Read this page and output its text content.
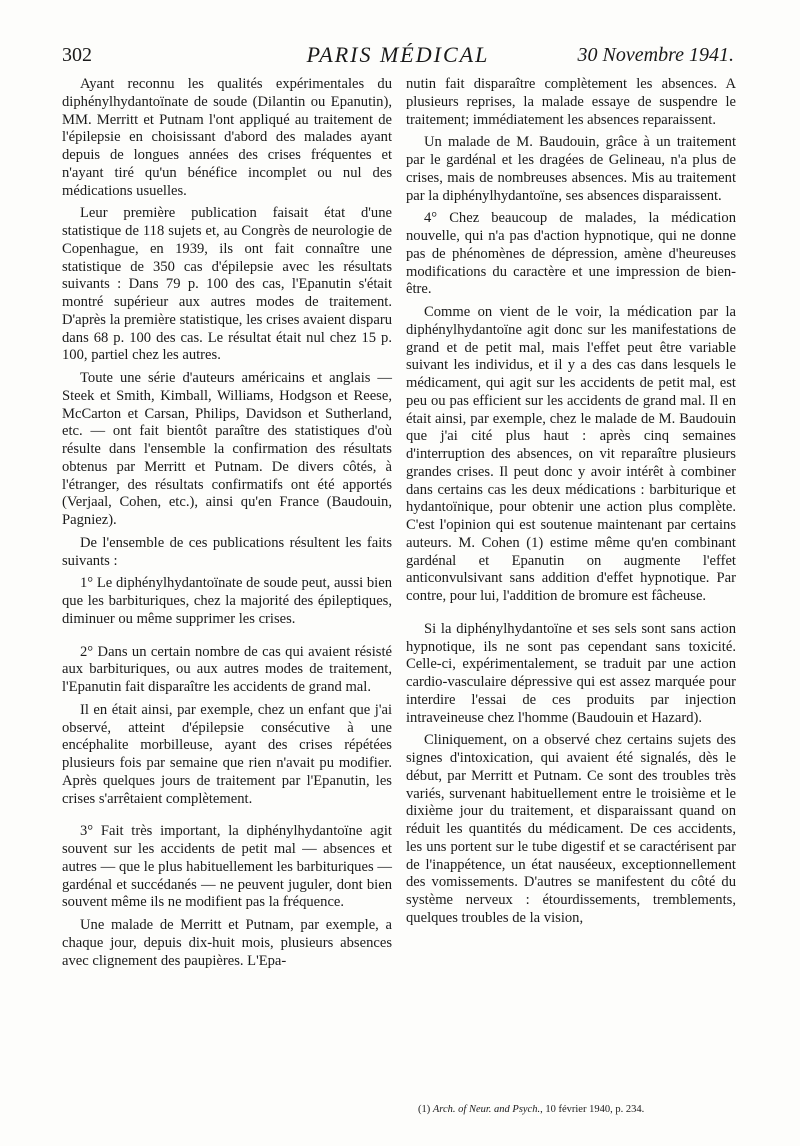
302	PARIS MÉDICAL	30 Novembre 1941.

Ayant reconnu les qualités expérimentales du diphénylhydantoïnate de soude (Dilantin ou Epanutin), MM. Merritt et Putnam l'ont appliqué au traitement de l'épilepsie en choisissant d'abord des malades ayant depuis de longues années des crises fréquentes et n'ayant tiré qu'un bénéfice incomplet ou nul des médications usuelles.

Leur première publication faisait état d'une statistique de 118 sujets et, au Congrès de neurologie de Copenhague, en 1939, ils ont fait connaître une statistique de 350 cas d'épilepsie avec les résultats suivants : Dans 79 p. 100 des cas, l'Epanutin s'était montré supérieur aux autres modes de traitement. D'après la première statistique, les crises avaient disparu dans 68 p. 100 des cas. Le résultat était nul chez 15 p. 100, partiel chez les autres.

Toute une série d'auteurs américains et anglais — Steek et Smith, Kimball, Williams, Hodgson et Reese, McCarton et Carsan, Philips, Davidson et Sutherland, etc. — ont fait bientôt paraître des statistiques d'où résulte dans l'ensemble la confirmation des résultats obtenus par Merritt et Putnam. De divers côtés, à l'étranger, des résultats confirmatifs ont été apportés (Verjaal, Cohen, etc.), ainsi qu'en France (Baudouin, Pagniez).

De l'ensemble de ces publications résultent les faits suivants :

1° Le diphénylhydantoïnate de soude peut, aussi bien que les barbituriques, chez la majorité des épileptiques, diminuer ou même supprimer les crises.

2° Dans un certain nombre de cas qui avaient résisté aux barbituriques, ou aux autres modes de traitement, l'Epanutin fait disparaître les accidents de grand mal.

Il en était ainsi, par exemple, chez un enfant que j'ai observé, atteint d'épilepsie consécutive à une encéphalite morbilleuse, ayant des crises répétées plusieurs fois par semaine que rien n'avait pu modifier. Après quelques jours de traitement par l'Epanutin, les crises s'arrêtaient complètement.

3° Fait très important, la diphénylhydantoïne agit souvent sur les accidents de petit mal — absences et autres — que le plus habituellement les barbituriques — gardénal et succédanés — ne peuvent juguler, dont bien souvent même ils ne modifient pas la fréquence.

Une malade de Merritt et Putnam, par exemple, a chaque jour, depuis dix-huit mois, plusieurs absences avec clignement des paupières. L'Epa-

nutin fait disparaître complètement les absences. A plusieurs reprises, la malade essaye de suspendre le traitement; immédiatement les absences reparaissent.

Un malade de M. Baudouin, grâce à un traitement par le gardénal et les dragées de Gelineau, n'a plus de crises, mais de nombreuses absences. Mis au traitement par la diphénylhydantoïne, ses absences disparaissent.

4° Chez beaucoup de malades, la médication nouvelle, qui n'a pas d'action hypnotique, qui ne donne pas de phénomènes de dépression, amène d'heureuses modifications du caractère et une impression de bien-être.

Comme on vient de le voir, la médication par la diphénylhydantoïne agit donc sur les manifestations de grand et de petit mal, mais l'effet peut être variable suivant les individus, et il y a des cas dans lesquels le médicament, qui agit sur les accidents de petit mal, est peu ou pas efficient sur les accidents de grand mal. Il en était ainsi, par exemple, chez le malade de M. Baudouin que j'ai cité plus haut : après cinq semaines d'interruption des absences, on vit reparaître plusieurs grandes crises. Il peut donc y avoir intérêt à combiner dans certains cas les deux médications : barbiturique et hydantoïnique, pour obtenir une action plus complète. C'est l'opinion qui est soutenue maintenant par certains auteurs. M. Cohen (1) estime même qu'en combinant gardénal et Epanutin on augmente l'effet anticonvulsivant sans addition d'effet hypnotique. Par contre, pour lui, l'addition de bromure est fâcheuse.

Si la diphénylhydantoïne et ses sels sont sans action hypnotique, ils ne sont pas cependant sans toxicité. Celle-ci, expérimentalement, se traduit par une action cardio-vasculaire dépressive qui est assez marquée pour interdire l'essai de ces produits par injection intraveineuse chez l'homme (Baudouin et Hazard).

Cliniquement, on a observé chez certains sujets des signes d'intoxication, qui avaient été signalés, dès le début, par Merritt et Putnam. Ce sont des troubles très variés, survenant habituellement entre le troisième et le dixième jour du traitement, et disparaissant quand on réduit les quantités du médicament. De ces accidents, les uns portent sur le tube digestif et se caractérisent par de l'inappétence, un état nauséeux, exceptionnellement des vomissements. D'autres se manifestent du côté du système nerveux : étourdissements, tremblements, quelques troubles de la vision,

(1) Arch. of Neur. and Psych., 10 février 1940, p. 234.
